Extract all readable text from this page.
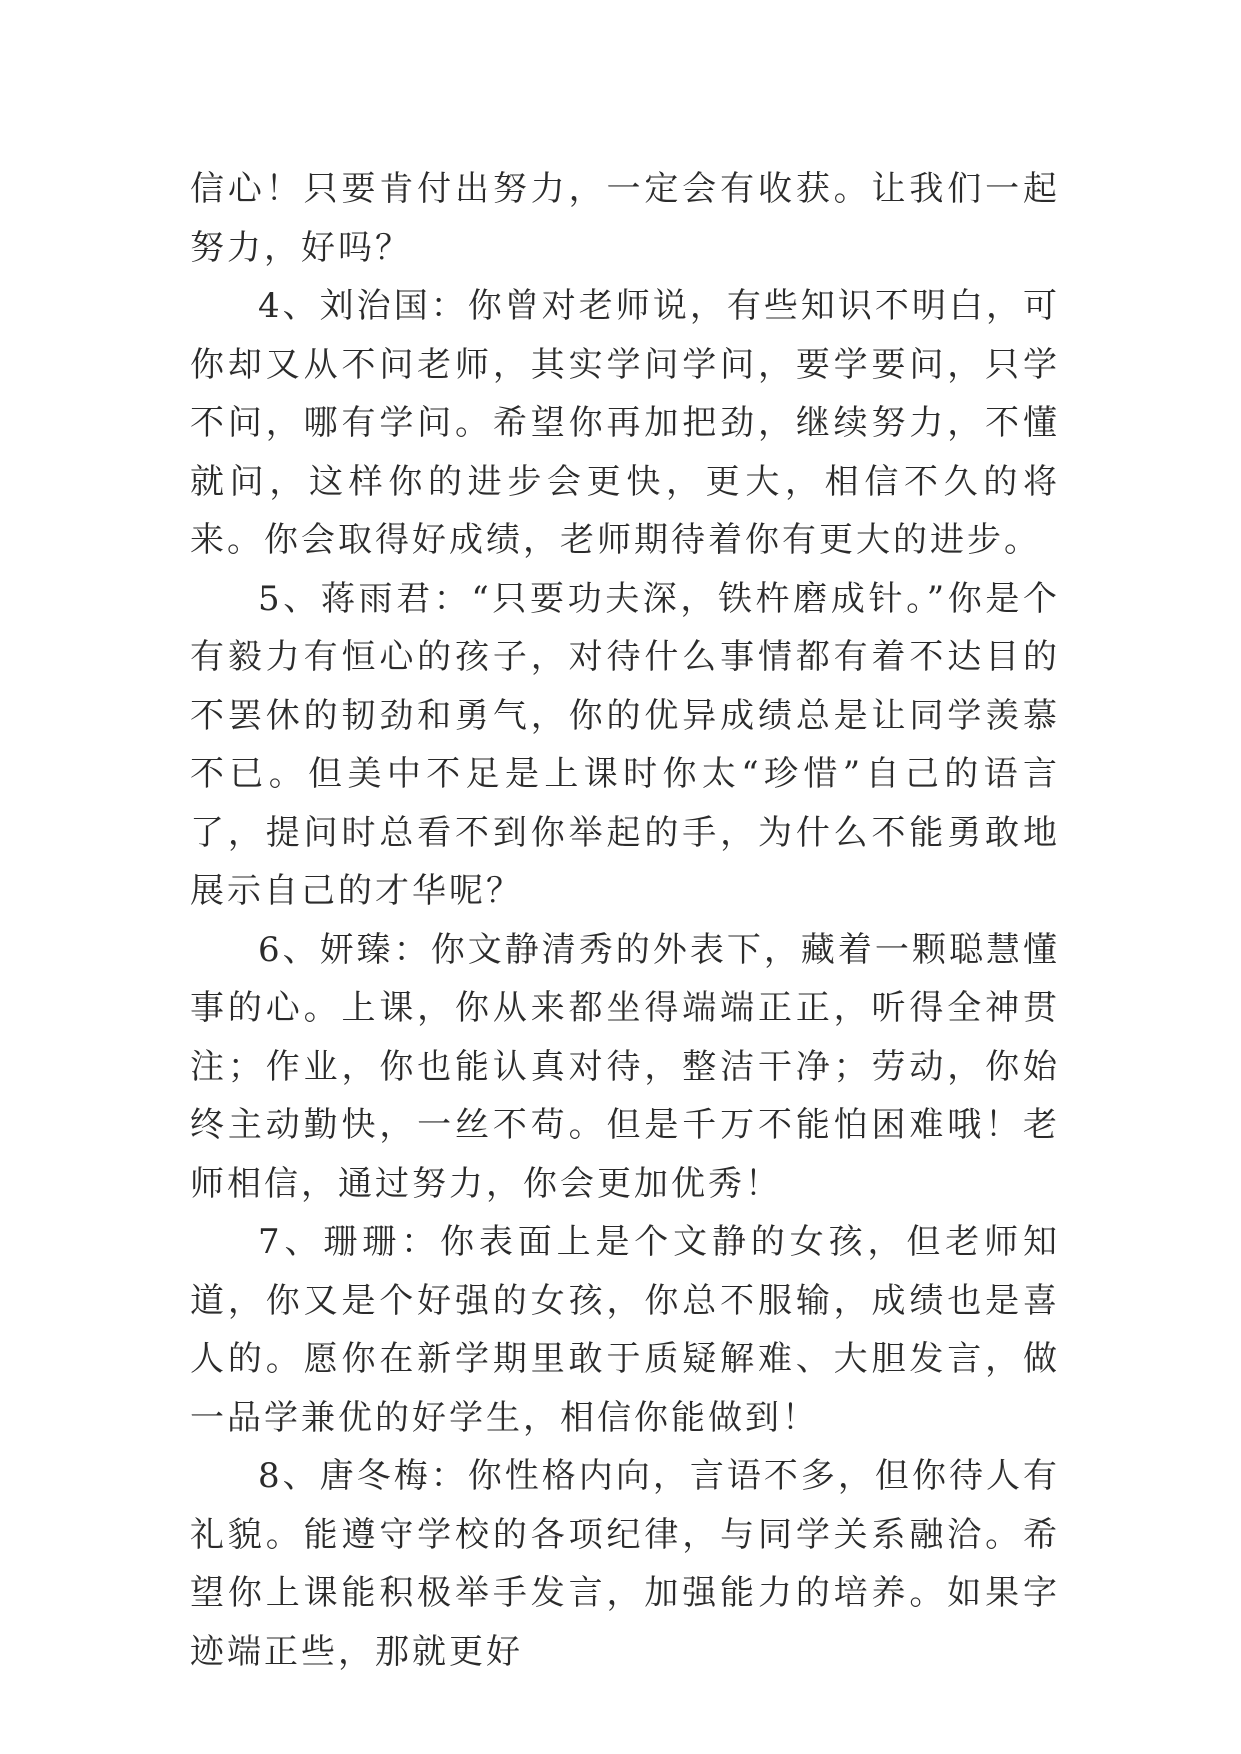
信心！只要肯付出努力，一定会有收获。让我们一起努力，好吗？

4、刘治国：你曾对老师说，有些知识不明白，可你却又从不问老师，其实学问学问，要学要问，只学不问，哪有学问。希望你再加把劲，继续努力，不懂就问，这样你的进步会更快，更大，相信不久的将来。你会取得好成绩，老师期待着你有更大的进步。

5、蒋雨君：“只要功夫深，铁杵磨成针。”你是个有毅力有恒心的孩子，对待什么事情都有着不达目的不罢休的韧劲和勇气，你的优异成绩总是让同学羡慕不已。但美中不足是上课时你太“珍惜”自己的语言了，提问时总看不到你举起的手，为什么不能勇敢地展示自己的才华呢？

6、妍臻：你文静清秀的外表下，藏着一颗聪慧懂事的心。上课，你从来都坐得端端正正，听得全神贯注；作业，你也能认真对待，整洁干净；劳动，你始终主动勤快，一丝不苟。但是千万不能怕困难哦！老师相信，通过努力，你会更加优秀！

7、珊珊：你表面上是个文静的女孩，但老师知道，你又是个好强的女孩，你总不服输，成绩也是喜人的。愿你在新学期里敢于质疑解难、大胆发言，做一品学兼优的好学生，相信你能做到！

8、唐冬梅：你性格内向，言语不多，但你待人有礼貌。能遵守学校的各项纪律，与同学关系融洽。希望你上课能积极举手发言，加强能力的培养。如果字迹端正些，那就更好
